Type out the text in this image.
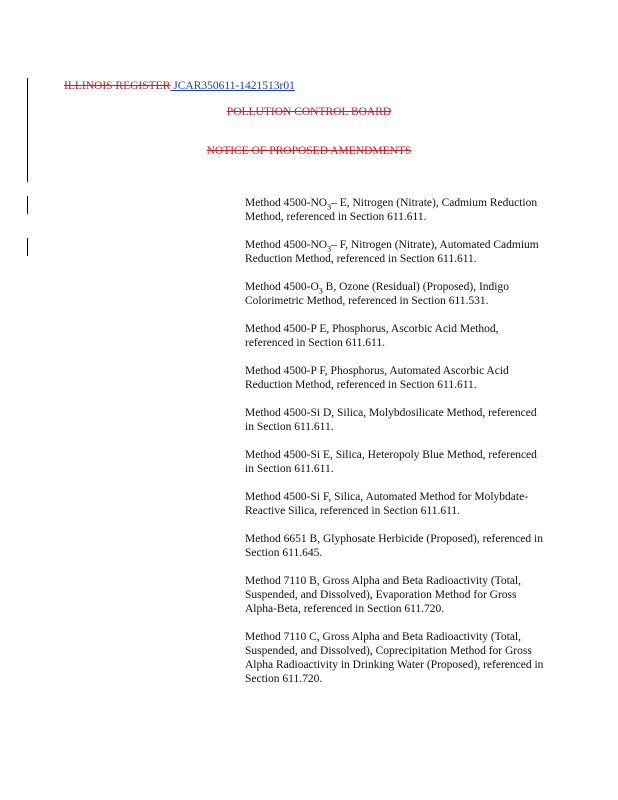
ILLINOIS REGISTER JCAR350611-1421513r01
POLLUTION CONTROL BOARD
NOTICE OF PROPOSED AMENDMENTS

Method $4500-NO_3-$ E, Nitrogen (Nitrate), Cadmium Reduction Method, referenced in Section 611.611.

Method $4500-NO_3-$ F, Nitrogen (Nitrate), Automated Cadmium Reduction Method, referenced in Section 611.611.

Method $4500-O_3$ B, Ozone (Residual) (Proposed), Indigo Colorimetric Method, referenced in Section 611.531.

Method 4500-P E, Phosphorus, Ascorbic Acid Method, referenced in Section 611.611.

Method 4500-P F, Phosphorus, Automated Ascorbic Acid Reduction Method, referenced in Section 611.611.

Method 4500-Si D, Silica, Molybdosilicate Method, referenced in Section 611.611.

Method 4500-Si E, Silica, Heteropoly Blue Method, referenced in Section 611.611.

Method 4500-Si F, Silica, Automated Method for Molybdate-Reactive Silica, referenced in Section 611.611.

Method 6651 B, Glyphosate Herbicide (Proposed), referenced in Section 611.645.

Method 7110 B, Gross Alpha and Beta Radioactivity (Total, Suspended, and Dissolved), Evaporation Method for Gross Alpha-Beta, referenced in Section 611.720.

Method 7110 C, Gross Alpha and Beta Radioactivity (Total, Suspended, and Dissolved), Coprecipitation Method for Gross Alpha Radioactivity in Drinking Water (Proposed), referenced in Section 611.720.
